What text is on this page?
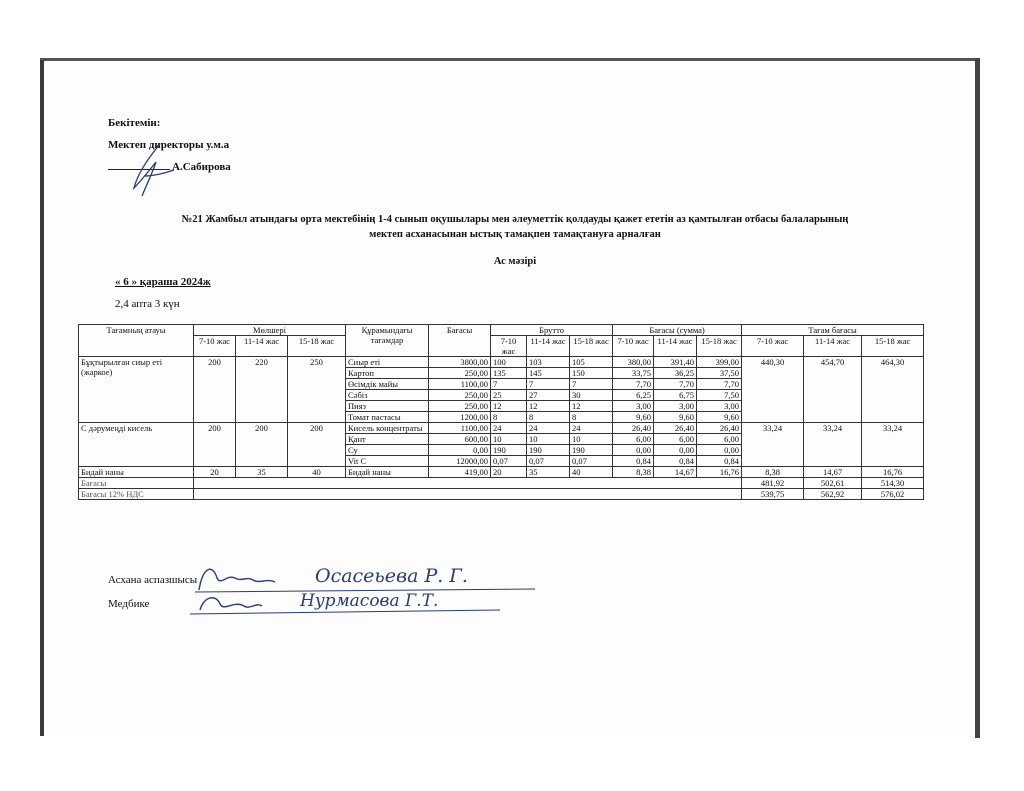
Бекітемін:
Мектеп директоры у.м.а
А.Сабирова
№21 Жамбыл атындағы орта мектебінің 1-4 сынып оқушылары мен әлеуметтік қолдауды қажет ететін аз қамтылған отбасы балаларының
мектеп асханасынан ыстық тамақпен тамақтануға арналған
Ас мәзірі
« 6 » қараша 2024ж
2,4 апта 3 күн
Тағамның атауы	Мөлшері			Құрамындағы тағамдар	Бағасы	Брутто			Бағасы (сумма)			Тағам бағасы		
	7-10 жас	11-14 жас	15-18 жас			7-10 жас	11-14 жас	15-18 жас	7-10 жас	11-14 жас	15-18 жас	7-10 жас	11-14 жас	15-18 жас
Бұқтырылған сиыр еті (жаркое)	200	220	250	Сиыр еті	3800,00	100	103	105	380,00	391,40	399,00	440,30	454,70	464,30
				Картоп	250,00	135	145	150	33,75	36,25	37,50			
				Өсімдік майы	1100,00	7	7	7	7,70	7,70	7,70			
				Сәбіз	250,00	25	27	30	6,25	6,75	7,50			
				Пияз	250,00	12	12	12	3,00	3,00	3,00			
				Томат пастасы	1200,00	8	8	8	9,60	9,60	9,60			
С дәрумеңді кисель	200	200	200	Кисель концентраты	1100,00	24	24	24	26,40	26,40	26,40	33,24	33,24	33,24
				Қант	600,00	10	10	10	6,00	6,00	6,00			
				Су	0,00	190	190	190	0,00	0,00	0,00			
				Vit C	12000,00	0,07	0,07	0,07	0,84	0,84	0,84			
Бидай наны	20	35	40	Бидай наны	419,00	20	35	40	8,38	14,67	16,76	8,38	14,67	16,76
Бағасы												481,92	502,61	514,30
Бағасы 12% НДС												539,75	562,92	576,02
Асхана аспазшысы
Медбике
Осасеьева Р. Г.
Нурмасова Г.Т.
